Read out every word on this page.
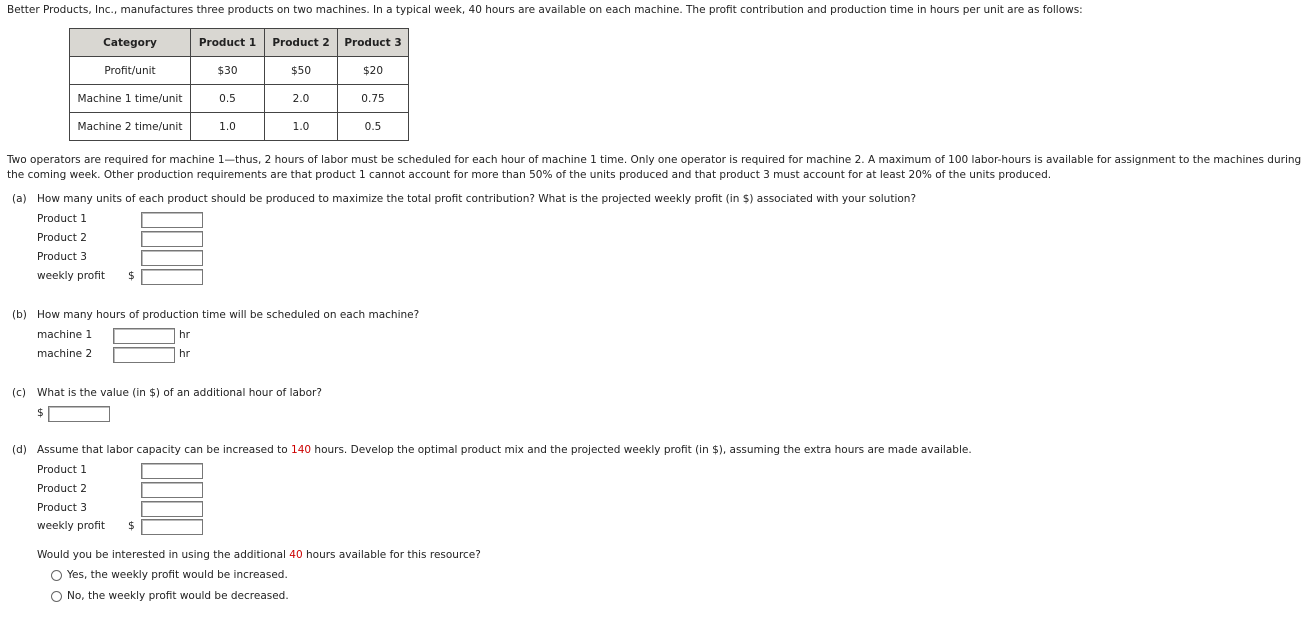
Better Products, Inc., manufactures three products on two machines. In a typical week, 40 hours are available on each machine. The profit contribution and production time in hours per unit are as follows:
Category	Product 1	Product 2	Product 3
Profit/unit	$30	$50	$20
Machine 1 time/unit	0.5	2.0	0.75
Machine 2 time/unit	1.0	1.0	0.5
Two operators are required for machine 1—thus, 2 hours of labor must be scheduled for each hour of machine 1 time. Only one operator is required for machine 2. A maximum of 100 labor-hours is available for assignment to the machines during the coming week. Other production requirements are that product 1 cannot account for more than 50% of the units produced and that product 3 must account for at least 20% of the units produced.
(a) How many units of each product should be produced to maximize the total profit contribution? What is the projected weekly profit (in $) associated with your solution?
Product 1
Product 2
Product 3
weekly profit $
(b) How many hours of production time will be scheduled on each machine?
machine 1	hr
machine 2	hr
(c) What is the value (in $) of an additional hour of labor?
$
(d) Assume that labor capacity can be increased to 140 hours. Develop the optimal product mix and the projected weekly profit (in $), assuming the extra hours are made available.
Product 1
Product 2
Product 3
weekly profit $
Would you be interested in using the additional 40 hours available for this resource?
Yes, the weekly profit would be increased.
No, the weekly profit would be decreased.
